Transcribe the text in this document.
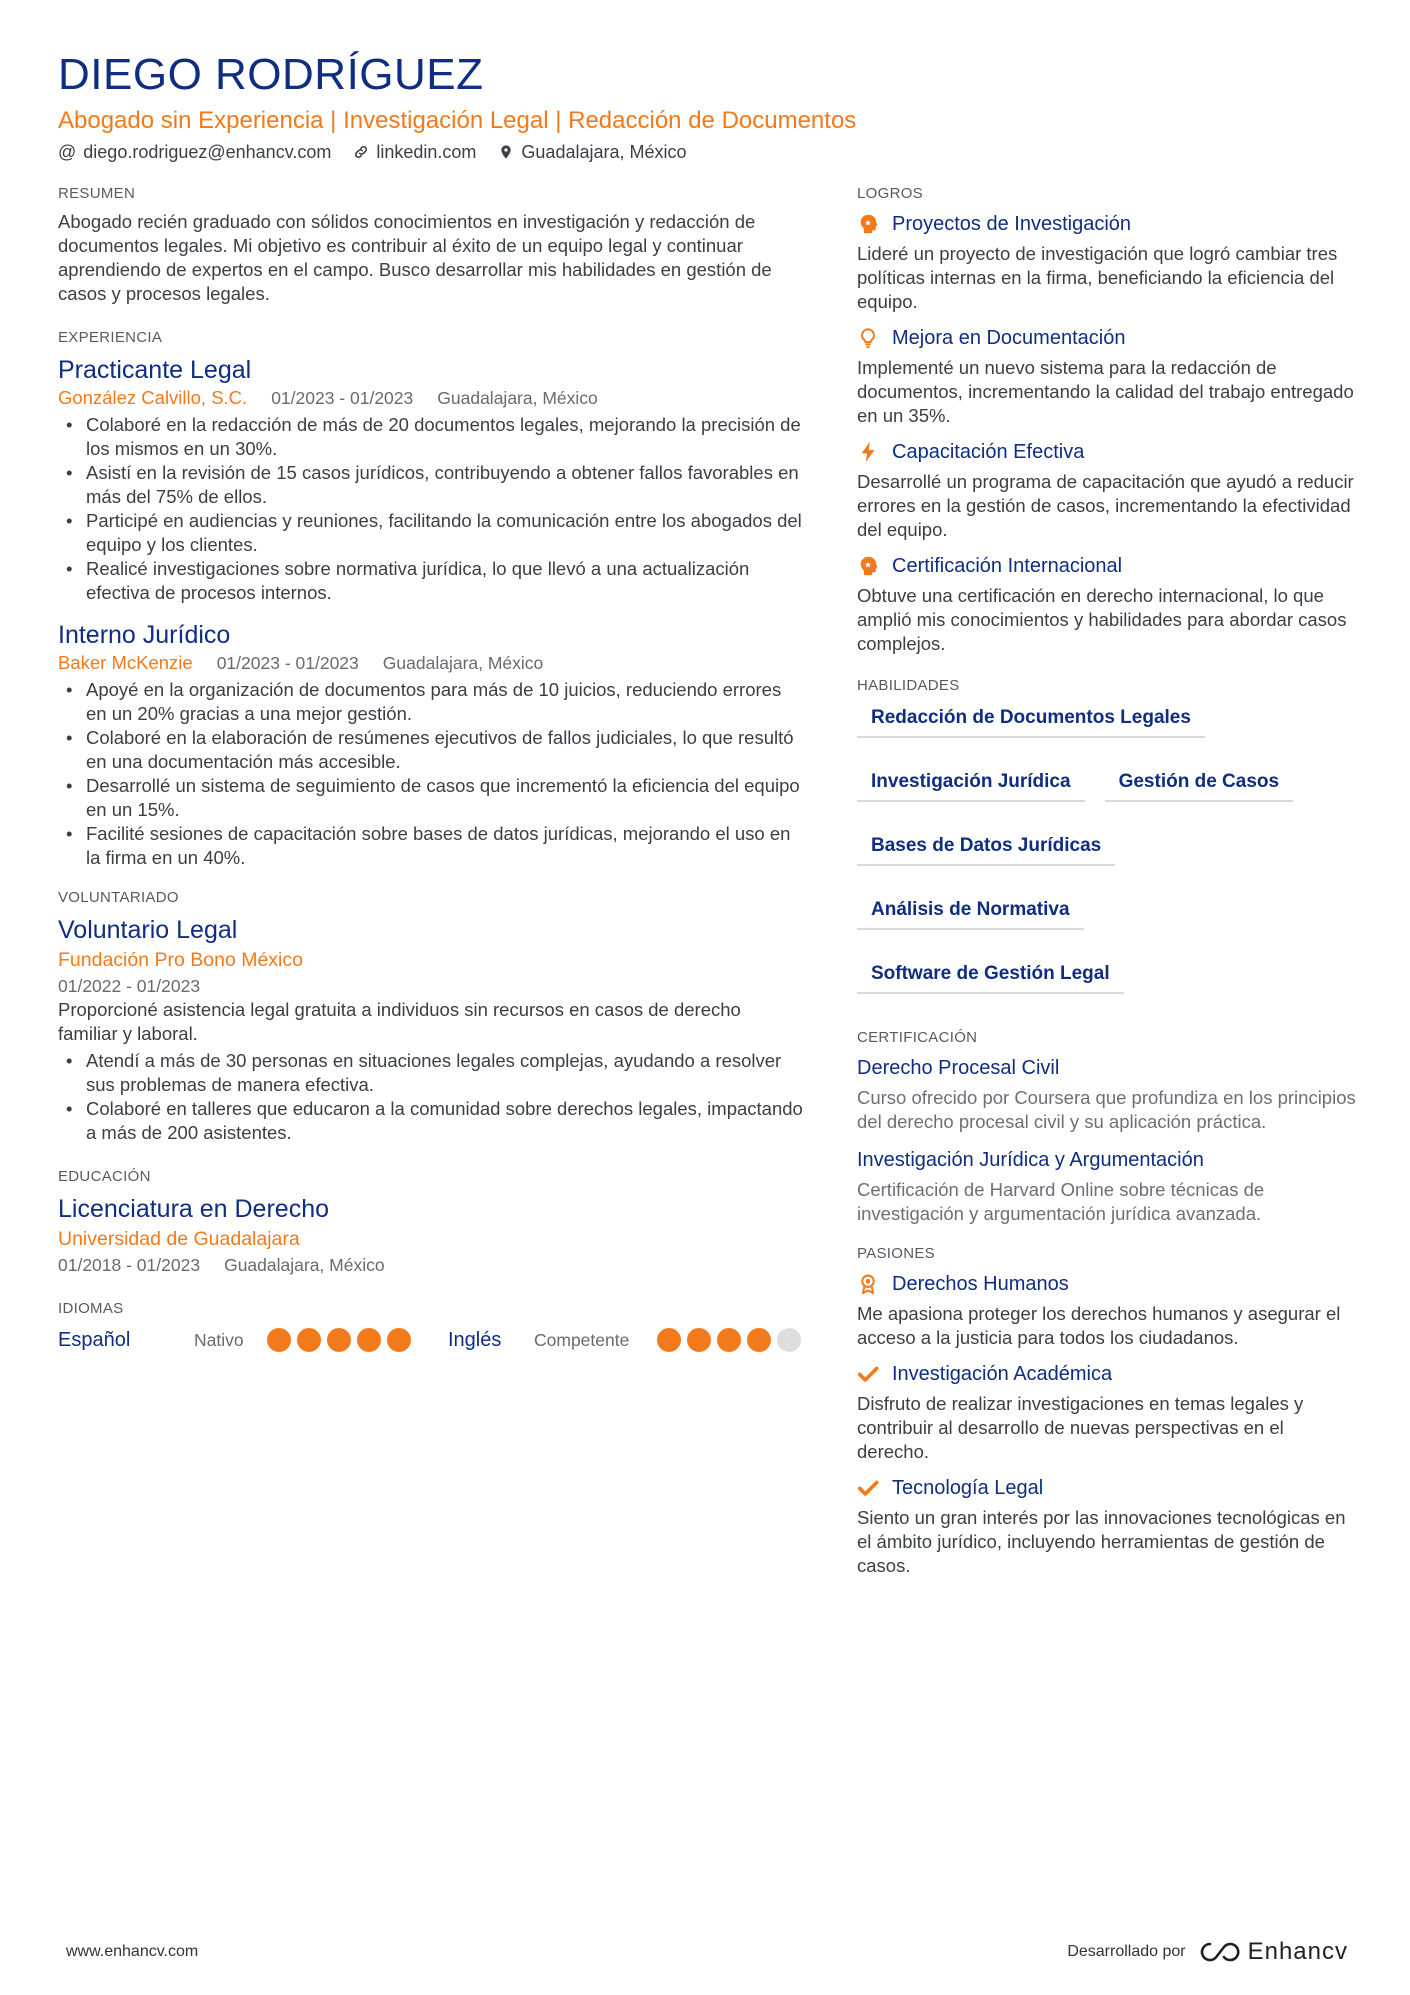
DIEGO RODRÍGUEZ
Abogado sin Experiencia | Investigación Legal | Redacción de Documentos
@ diego.rodriguez@enhancv.com	linkedin.com	Guadalajara, México
RESUMEN
Abogado recién graduado con sólidos conocimientos en investigación y redacción de documentos legales. Mi objetivo es contribuir al éxito de un equipo legal y continuar aprendiendo de expertos en el campo. Busco desarrollar mis habilidades en gestión de casos y procesos legales.
EXPERIENCIA
Practicante Legal
González Calvillo, S.C. 01/2023 - 01/2023 Guadalajara, México
• Colaboré en la redacción de más de 20 documentos legales, mejorando la precisión de los mismos en un 30%.
• Asistí en la revisión de 15 casos jurídicos, contribuyendo a obtener fallos favorables en más del 75% de ellos.
• Participé en audiencias y reuniones, facilitando la comunicación entre los abogados del equipo y los clientes.
• Realicé investigaciones sobre normativa jurídica, lo que llevó a una actualización efectiva de procesos internos.
Interno Jurídico
Baker McKenzie 01/2023 - 01/2023 Guadalajara, México
• Apoyé en la organización de documentos para más de 10 juicios, reduciendo errores en un 20% gracias a una mejor gestión.
• Colaboré en la elaboración de resúmenes ejecutivos de fallos judiciales, lo que resultó en una documentación más accesible.
• Desarrollé un sistema de seguimiento de casos que incrementó la eficiencia del equipo en un 15%.
• Facilité sesiones de capacitación sobre bases de datos jurídicas, mejorando el uso en la firma en un 40%.
VOLUNTARIADO
Voluntario Legal
Fundación Pro Bono México
01/2022 - 01/2023
Proporcioné asistencia legal gratuita a individuos sin recursos en casos de derecho familiar y laboral.
• Atendí a más de 30 personas en situaciones legales complejas, ayudando a resolver sus problemas de manera efectiva.
• Colaboré en talleres que educaron a la comunidad sobre derechos legales, impactando a más de 200 asistentes.
EDUCACIÓN
Licenciatura en Derecho
Universidad de Guadalajara
01/2018 - 01/2023 Guadalajara, México
IDIOMAS
Español	Nativo	Inglés	Competente
LOGROS
Proyectos de Investigación
Lideré un proyecto de investigación que logró cambiar tres políticas internas en la firma, beneficiando la eficiencia del equipo.
Mejora en Documentación
Implementé un nuevo sistema para la redacción de documentos, incrementando la calidad del trabajo entregado en un 35%.
Capacitación Efectiva
Desarrollé un programa de capacitación que ayudó a reducir errores en la gestión de casos, incrementando la efectividad del equipo.
Certificación Internacional
Obtuve una certificación en derecho internacional, lo que amplió mis conocimientos y habilidades para abordar casos complejos.
HABILIDADES
Redacción de Documentos Legales
Investigación Jurídica	Gestión de Casos
Bases de Datos Jurídicas
Análisis de Normativa
Software de Gestión Legal
CERTIFICACIÓN
Derecho Procesal Civil
Curso ofrecido por Coursera que profundiza en los principios del derecho procesal civil y su aplicación práctica.
Investigación Jurídica y Argumentación
Certificación de Harvard Online sobre técnicas de investigación y argumentación jurídica avanzada.
PASIONES
Derechos Humanos
Me apasiona proteger los derechos humanos y asegurar el acceso a la justicia para todos los ciudadanos.
Investigación Académica
Disfruto de realizar investigaciones en temas legales y contribuir al desarrollo de nuevas perspectivas en el derecho.
Tecnología Legal
Siento un gran interés por las innovaciones tecnológicas en el ámbito jurídico, incluyendo herramientas de gestión de casos.
www.enhancv.com	Desarrollado por	Enhancv
